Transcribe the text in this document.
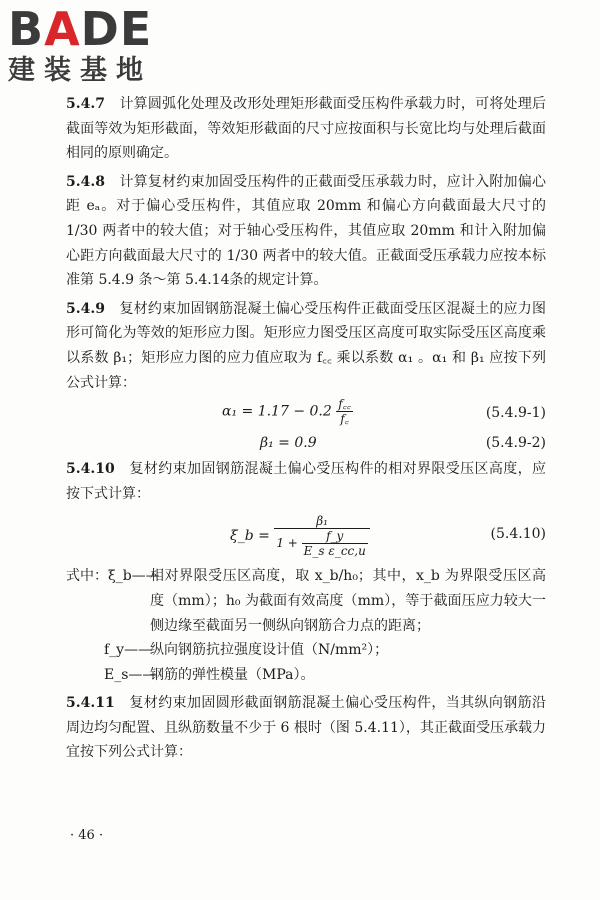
BADE
建装基地

5.4.7　 计算圆弧化处理及改形处理矩形截面受压构件承载力时，可将处理后截面等效为矩形截面，等效矩形截面的尺寸应按面积与长宽比均与处理后截面相同的原则确定。

5.4.8　 计算复材约束加固受压构件的正截面受压承载力时，应计入附加偏心距 eₐ。对于偏心受压构件，其值应取 20mm 和偏心方向截面最大尺寸的 1/30 两者中的较大值；对于轴心受压构件，其值应取 20mm 和计入附加偏心距方向截面最大尺寸的 1/30 两者中的较大值。正截面受压承载力应按本标准第 5.4.9 条～第 5.4.14条的规定计算。

5.4.9　 复材约束加固钢筋混凝土偏心受压构件正截面受压区混凝土的应力图形可简化为等效的矩形应力图。矩形应力图受压区高度可取实际受压区高度乘以系数 β₁；矩形应力图的应力值应取为 f꜀꜀ 乘以系数 α₁ 。α₁ 和 β₁ 应按下列公式计算：

$\alpha_1 = 1.17 - 0.2 \frac{f꜀꜀}{f꜀}$	(5.4.9-1)
β₁ = 0.9	(5.4.9-2)

5.4.10　 复材约束加固钢筋混凝土偏心受压构件的相对界限受压区高度，应按下式计算：

ξ_b = $\frac{\text{β₁}}{1 + \frac{f\_y}{\text{E\_s ε\_cc,u}}}$	(5.4.10)

式中：ξ_b——
相对界限受压区高度，取 x_b/h₀；其中，x_b 为界限受压区高度（mm）；h₀ 为截面有效高度（mm），等于截面压应力较大一侧边缘至截面另一侧纵向钢筋合力点的距离；

f_y——
纵向钢筋抗拉强度设计值（N/mm²）；

E_s——
钢筋的弹性模量（MPa）。

5.4.11　 复材约束加固圆形截面钢筋混凝土偏心受压构件，当其纵向钢筋沿周边均匀配置、且纵筋数量不少于 6 根时（图 5.4.11），其正截面受压承载力宜按下列公式计算：

· 46 ·
